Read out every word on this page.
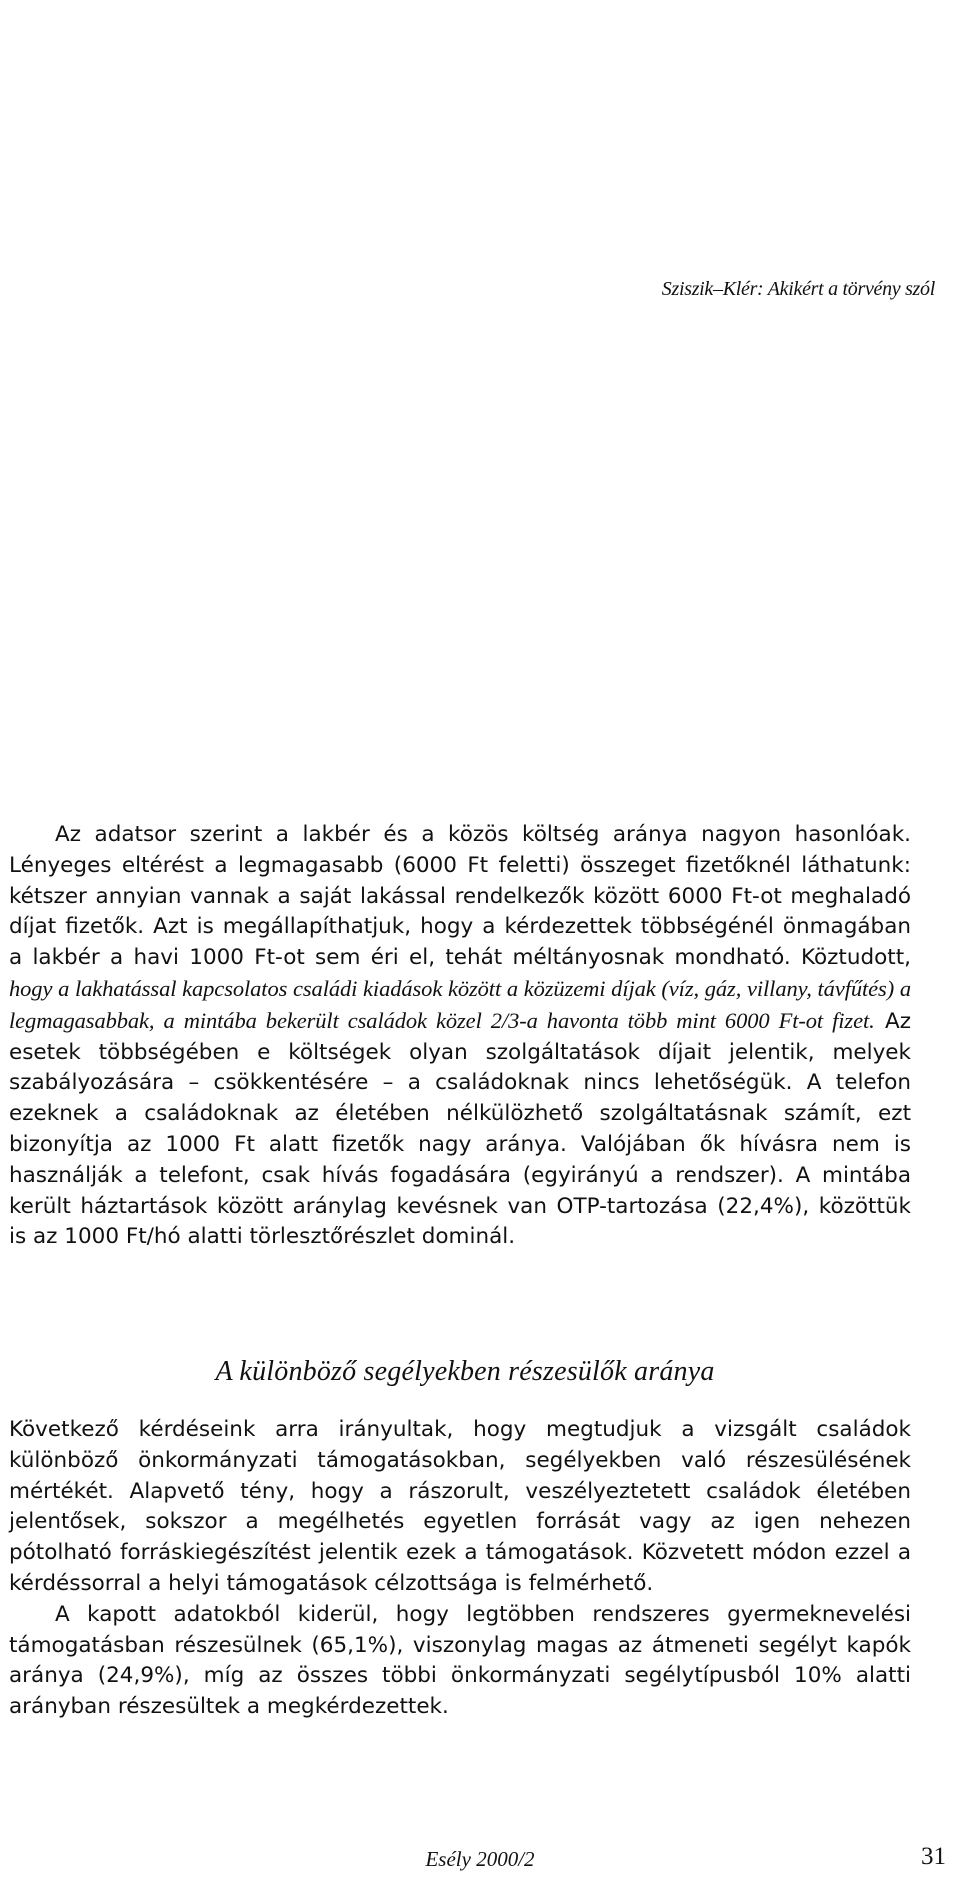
Sziszik–Klér: Akikért a törvény szól

Az adatsor szerint a lakbér és a közös költség aránya nagyon hasonlóak. Lényeges eltérést a legmagasabb (6000 Ft feletti) összeget fizetőknél láthatunk: kétszer annyian vannak a saját lakással rendelkezők között 6000 Ft-ot meghaladó díjat fizetők. Azt is megállapíthatjuk, hogy a kérdezettek többségénél önmagában a lakbér a havi 1000 Ft-ot sem éri el, tehát méltányosnak mondható. Köztudott, hogy a lakhatással kapcsolatos családi kiadások között a közüzemi díjak (víz, gáz, villany, távfűtés) a legmagasabbak, a mintába bekerült családok közel 2/3-a havonta több mint 6000 Ft-ot fizet. Az esetek többségében e költségek olyan szolgáltatások díjait jelentik, melyek szabályozására – csökkentésére – a családoknak nincs lehetőségük. A telefon ezeknek a családoknak az életében nélkülözhető szolgáltatásnak számít, ezt bizonyítja az 1000 Ft alatt fizetők nagy aránya. Valójában ők hívásra nem is használják a telefont, csak hívás fogadására (egyirányú a rendszer). A mintába került háztartások között aránylag kevésnek van OTP-tartozása (22,4%), közöttük is az 1000 Ft/hó alatti törlesztőrészlet dominál.

A különböző segélyekben részesülők aránya

Következő kérdéseink arra irányultak, hogy megtudjuk a vizsgált családok különböző önkormányzati támogatásokban, segélyekben való részesülésének mértékét. Alapvető tény, hogy a rászorult, veszélyeztetett családok életében jelentősek, sokszor a megélhetés egyetlen forrását vagy az igen nehezen pótolható forráskiegészítést jelentik ezek a támogatások. Közvetett módon ezzel a kérdéssorral a helyi támogatások célzottsága is felmérhető.

A kapott adatokból kiderül, hogy legtöbben rendszeres gyermeknevelési támogatásban részesülnek (65,1%), viszonylag magas az átmeneti segélyt kapók aránya (24,9%), míg az összes többi önkormányzati segélytípusból 10% alatti arányban részesültek a megkérdezettek.

Esély 2000/2	31
